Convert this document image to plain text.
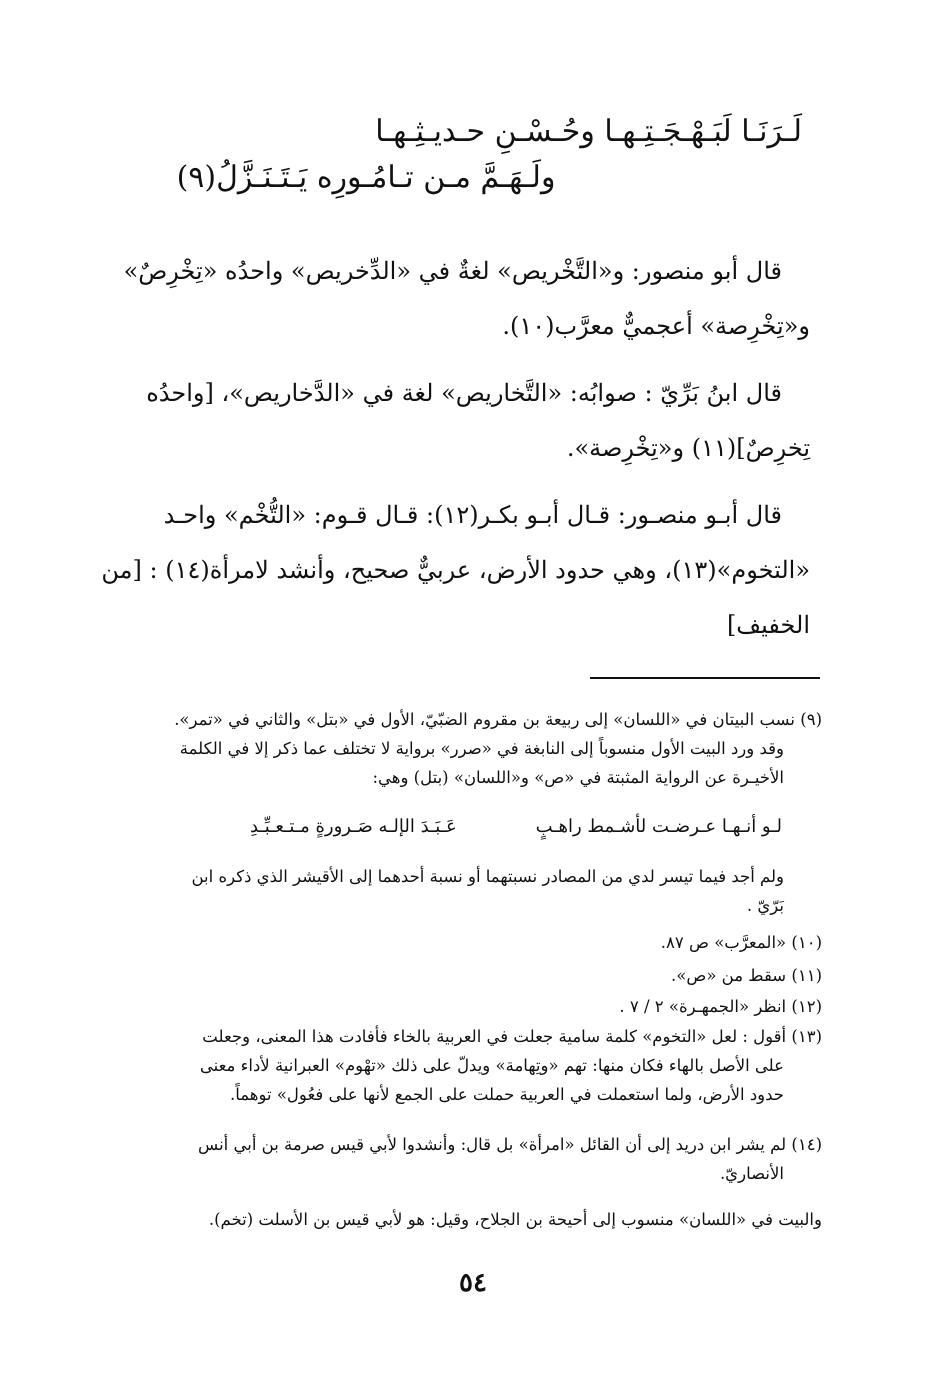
لَـرَنَـا لَبَـهْـجَـتِـهـا وحُـسْـنِ حـديـثِـهـا
ولَـهَـمَّ مـن تـامُـورِه يَـتَـنَـزَّلُ(٩)
قال أبو منصور: و«التَّخْريص» لغةٌ في «الدِّخريص» واحدُه «تِخْرِصٌ»
و«تِخْرِصة» أعجميٌّ معرَّب(١٠).
قال ابنُ بَرِّيّ : صوابُه: «التَّخاريص» لغة في «الدَّخاريص»، [واحدُه
تِخرِصٌ](١١) و«تِخْرِصة».
قال أبـو منصـور: قـال أبـو بكـر(١٢): قـال قـوم: «التُّخْم» واحـد
«التخوم»(١٣)، وهي حدود الأرض، عربيٌّ صحيح، وأنشد لامرأة(١٤) : [من
الخفيف]
(٩) نسب البيتان في «اللسان» إلى ربيعة بن مقروم الضبّيّ، الأول في «بتل» والثاني في «تمر».
وقد ورد البيت الأول منسوباً إلى النابغة في «صرر» برواية لا تختلف عما ذكر إلا في الكلمة
الأخيـرة عن الرواية المثبتة في «ص» و«اللسان» (بتل) وهي:
لـو أنـهـا عـرضـت لأشـمط راهـبٍ
عَـبَـدَ الإلـه صَـرورةٍ مـتـعـبِّـدِ
ولم أجد فيما تيسر لدي من المصادر نسبتهما أو نسبة أحدهما إلى الأقيشر الذي ذكره ابن
بَرّيّ .
(١٠) «المعرَّب» ص ٨٧.
(١١) سقط من «ص».
(١٢) انظر «الجمهـرة» ٢ / ٧ .
(١٣) أقول : لعل «التخوم» كلمة سامية جعلت في العربية بالخاء فأفادت هذا المعنى، وجعلت
على الأصل بالهاء فكان منها: تهم «وتِهامة» ويدلّ على ذلك «تهْوم» العبرانية لأداء معنى
حدود الأرض، ولما استعملت في العربية حملت على الجمع لأنها على فعُول» توهماً.
(١٤) لم يشر ابن دريد إلى أن القائل «امرأة» بل قال: وأنشدوا لأبي قيس صرمة بن أبي أنس
الأنصاريّ.
والبيت في «اللسان» منسوب إلى أحيحة بن الجلاح، وقيل: هو لأبي قيس بن الأسلت (تخم).
٥٤
